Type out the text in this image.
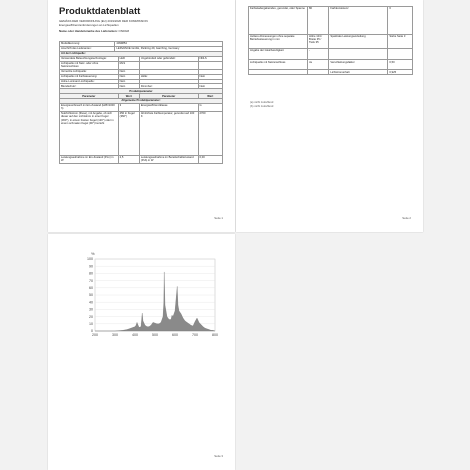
Produktdatenblatt
GEMÄSS DER VERORDNUNG (EU) 2019/2020 DER KOMMISSION
Energieeffizienzanforderungen an Lichtquellen
Name oder Handelsmarke des Lieferanten: OSRAM
Modellkennung:	4099854
Anschrift des Lieferanten:	LEDVANCE GmbH, Parkring 29, Garching, Germany
Art der Lichtquelle:	
Verwendete Beleuchtungstechnologie:	LED	Ungebündelt oder gebündelt:	NDLS
Lichtquelle mit Netz- oder ohne Netzanschluss:	MLS		
Vernetzte Lichtquelle:	Nein		
Lichtquelle mit Farbsteuerung:	Nein	Hülle:	Nein
Hohe-Luminanz-Lichtquelle:	Nein		
Blendschutz:	Nein	Dimmbar:	Nein
Produktparameter			
Parameter	Wert	Parameter	Wert
Allgemeine Produktparameter:			
Energieverbrauch im Ein-Zustand (kWh/1000 h)	3	Energieeffizienzklasse	G
Nutzlichtstrom (Φuse), mit Angabe, ob sich dieser auf den Lichtstrom in einer Kugel (360°), in einem breiten Kegel (120°) oder in einem schmalen Kegel (90°) bezieht	250 in Kugel (360°)	Ähnlichste Farbtemperatur, gerundet auf 100 K	2700
Leistungsaufnahme im Ein-Zustand (Pon) in W	2,5	Leistungsaufnahme im Bereitschaftszustand (Psb) in W	0,00
Seite 1
Farbwiedergabeindex, gerundet, oder Spanne	80	Farbkonsistenz	6
Äußere Abmessungen ohne separate Betriebssteuerung in mm	Höhe 104 / Breite 35 / Tiefe 35	Spektrale Leistungsverteilung	Siehe Seite 3
Angabe der Gleichwertigkeit	-		
Lichtquelle mit Netzanschluss	Ja	Verschiebungsfaktor	0,50
		Lichtstromerhalt	0,925
(a) nicht zutreffend
(b) nicht zutreffend
Seite 2
0
10
20
30
40
50
60
70
80
90
100
200	300	400	500	600	700	800
%
Seite 3
